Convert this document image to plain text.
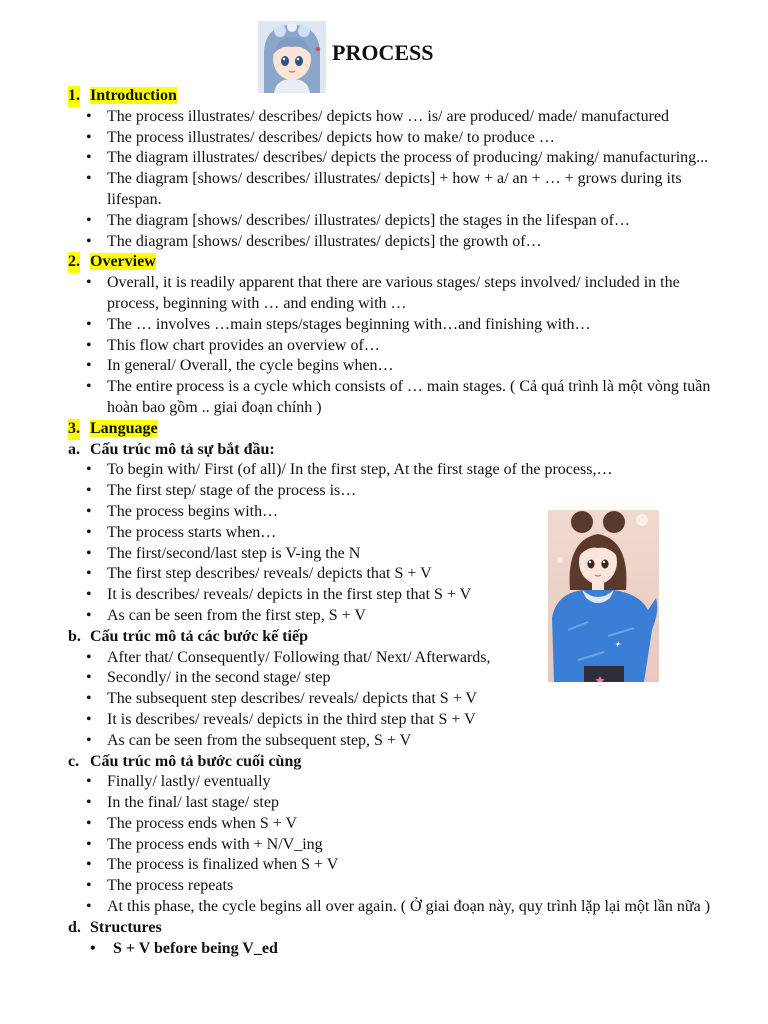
PROCESS
1. Introduction
• The process illustrates/ describes/ depicts how … is/ are produced/ made/ manufactured
• The process illustrates/ describes/ depicts how to make/ to produce …
• The diagram illustrates/ describes/ depicts the process of producing/ making/ manufacturing...
• The diagram [shows/ describes/ illustrates/ depicts] + how + a/ an + … + grows during its lifespan.
• The diagram [shows/ describes/ illustrates/ depicts] the stages in the lifespan of…
• The diagram [shows/ describes/ illustrates/ depicts] the growth of…
2. Overview
• Overall, it is readily apparent that there are various stages/ steps involved/ included in the process, beginning with … and ending with …
• The … involves …main steps/stages beginning with…and finishing with…
• This flow chart provides an overview of…
• In general/ Overall, the cycle begins when…
• The entire process is a cycle which consists of … main stages. ( Cả quá trình là một vòng tuần hoàn bao gồm .. giai đoạn chính )
3. Language
a. Cấu trúc mô tả sự bắt đầu:
• To begin with/ First (of all)/ In the first step, At the first stage of the process,…
• The first step/ stage of the process is…
• The process begins with…
• The process starts when…
• The first/second/last step is V-ing the N
• The first step describes/ reveals/ depicts that S + V
• It is describes/ reveals/ depicts in the first step that S + V
• As can be seen from the first step, S + V
b. Cấu trúc mô tả các bước kế tiếp
• After that/ Consequently/ Following that/ Next/ Afterwards,
• Secondly/ in the second stage/ step
• The subsequent step describes/ reveals/ depicts that S + V
• It is describes/ reveals/ depicts in the third step that S + V
• As can be seen from the subsequent step, S + V
c. Cấu trúc mô tả bước cuối cùng
• Finally/ lastly/ eventually
• In the final/ last stage/ step
• The process ends when S + V
• The process ends with + N/V_ing
• The process is finalized when S + V
• The process repeats
• At this phase, the cycle begins all over again. ( Ở giai đoạn này, quy trình lặp lại một lần nữa )
d. Structures
• S + V before being V_ed
✦
